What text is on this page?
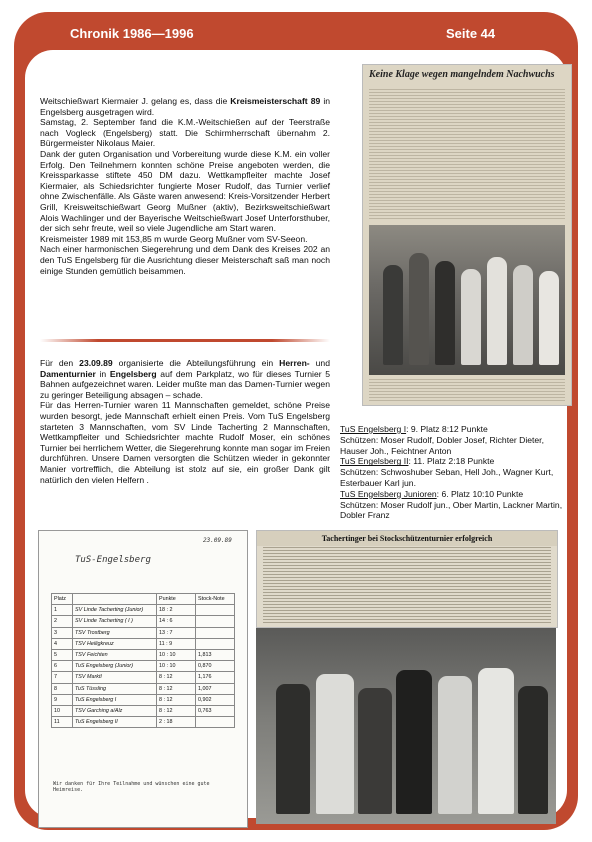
Chronik 1986—1996	Seite 44

Weitschießwart Kiermaier J. gelang es, dass die Kreismeisterschaft 89 in Engelsberg ausgetragen wird.

Samstag, 2. September fand die K.M.-Weitschießen auf der Teerstraße nach Vogleck (Engelsberg) statt. Die Schirmherrschaft übernahm 2. Bürgermeister Nikolaus Maier.

Dank der guten Organisation und Vorbereitung wurde diese K.M. ein voller Erfolg. Den Teilnehmern konnten schöne Preise angeboten werden, die Kreissparkasse stiftete 450 DM dazu. Wettkampfleiter machte Josef Kiermaier, als Schiedsrichter fungierte Moser Rudolf, das Turnier verlief ohne Zwischenfälle. Als Gäste waren anwesend: Kreis-Vorsitzender Herbert Grill, Kreisweitschießwart Georg Mußner (aktiv), Bezirksweitschießwart Alois Wachlinger und der Bayerische Weitschießwart Josef Unterforsthuber, der sich sehr freute, weil so viele Jugendliche am Start waren.

Kreismeister 1989 mit 153,85 m wurde Georg Mußner vom SV-Seeon.

Nach einer harmonischen Siegerehrung und dem Dank des Kreises 202 an den TuS Engelsberg für die Ausrichtung dieser Meisterschaft saß man noch einige Stunden gemütlich beisammen.

Für den 23.09.89 organisierte die Abteilungsführung ein Herren- und Damenturnier in Engelsberg auf dem Parkplatz, wo für dieses Turnier 5 Bahnen aufgezeichnet waren. Leider mußte man das Damen-Turnier wegen zu geringer Beteiligung absagen – schade.

Für das Herren-Turnier waren 11 Mannschaften gemeldet, schöne Preise wurden besorgt, jede Mannschaft erhielt einen Preis. Vom TuS Engelsberg starteten 3 Mannschaften, vom SV Linde Tacherting 2 Mannschaften, Wettkampfleiter und Schiedsrichter machte Rudolf Moser, ein schönes Turnier bei herrlichem Wetter, die Siegerehrung konnte man sogar im Freien durchführen. Unsere Damen versorgten die Schützen wieder in gekonnter Manier vortrefflich, die Abteilung ist stolz auf sie, ein großer Dank gilt natürlich den vielen Helfern .

TuS Engelsberg I: 9. Platz 8:12 Punkte

Schützen: Moser Rudolf, Dobler Josef, Richter Dieter, Hauser Joh., Feichtner Anton

TuS Engelsberg II: 11. Platz 2:18 Punkte

Schützen: Schwoshuber Seban, Hell Joh., Wagner Kurt, Esterbauer Karl jun.

TuS Engelsberg Junioren: 6. Platz 10:10 Punkte

Schützen: Moser Rudolf jun., Ober Martin, Lackner Martin, Dobler Franz

Keine Klage wegen mangelndem Nachwuchs
23.09.89
TuS-Engelsberg
Platz		Punkte	Stock-Note
1	SV Linde Tacherting (Junior)	18 : 2	
2	SV Linde Tacherting ( I )	14 : 6	
3	TSV Trostberg	13 : 7	
4	TSV Heiligkreuz	11 : 9	
5	TSV Feichten	10 : 10	1,813
6	TuS Engelsberg (Junior)	10 : 10	0,870
7	TSV Marktl	8 : 12	1,176
8	TuS Tüssling	8 : 12	1,007
9	TuS Engelsberg I	8 : 12	0,902
10	TSV Garching a/Alz	8 : 12	0,763
11	TuS Engelsberg II	2 : 18	
Wir danken für Ihre Teilnahme und wünschen eine gute Heimreise.
Tachertinger bei Stockschützenturnier erfolgreich
